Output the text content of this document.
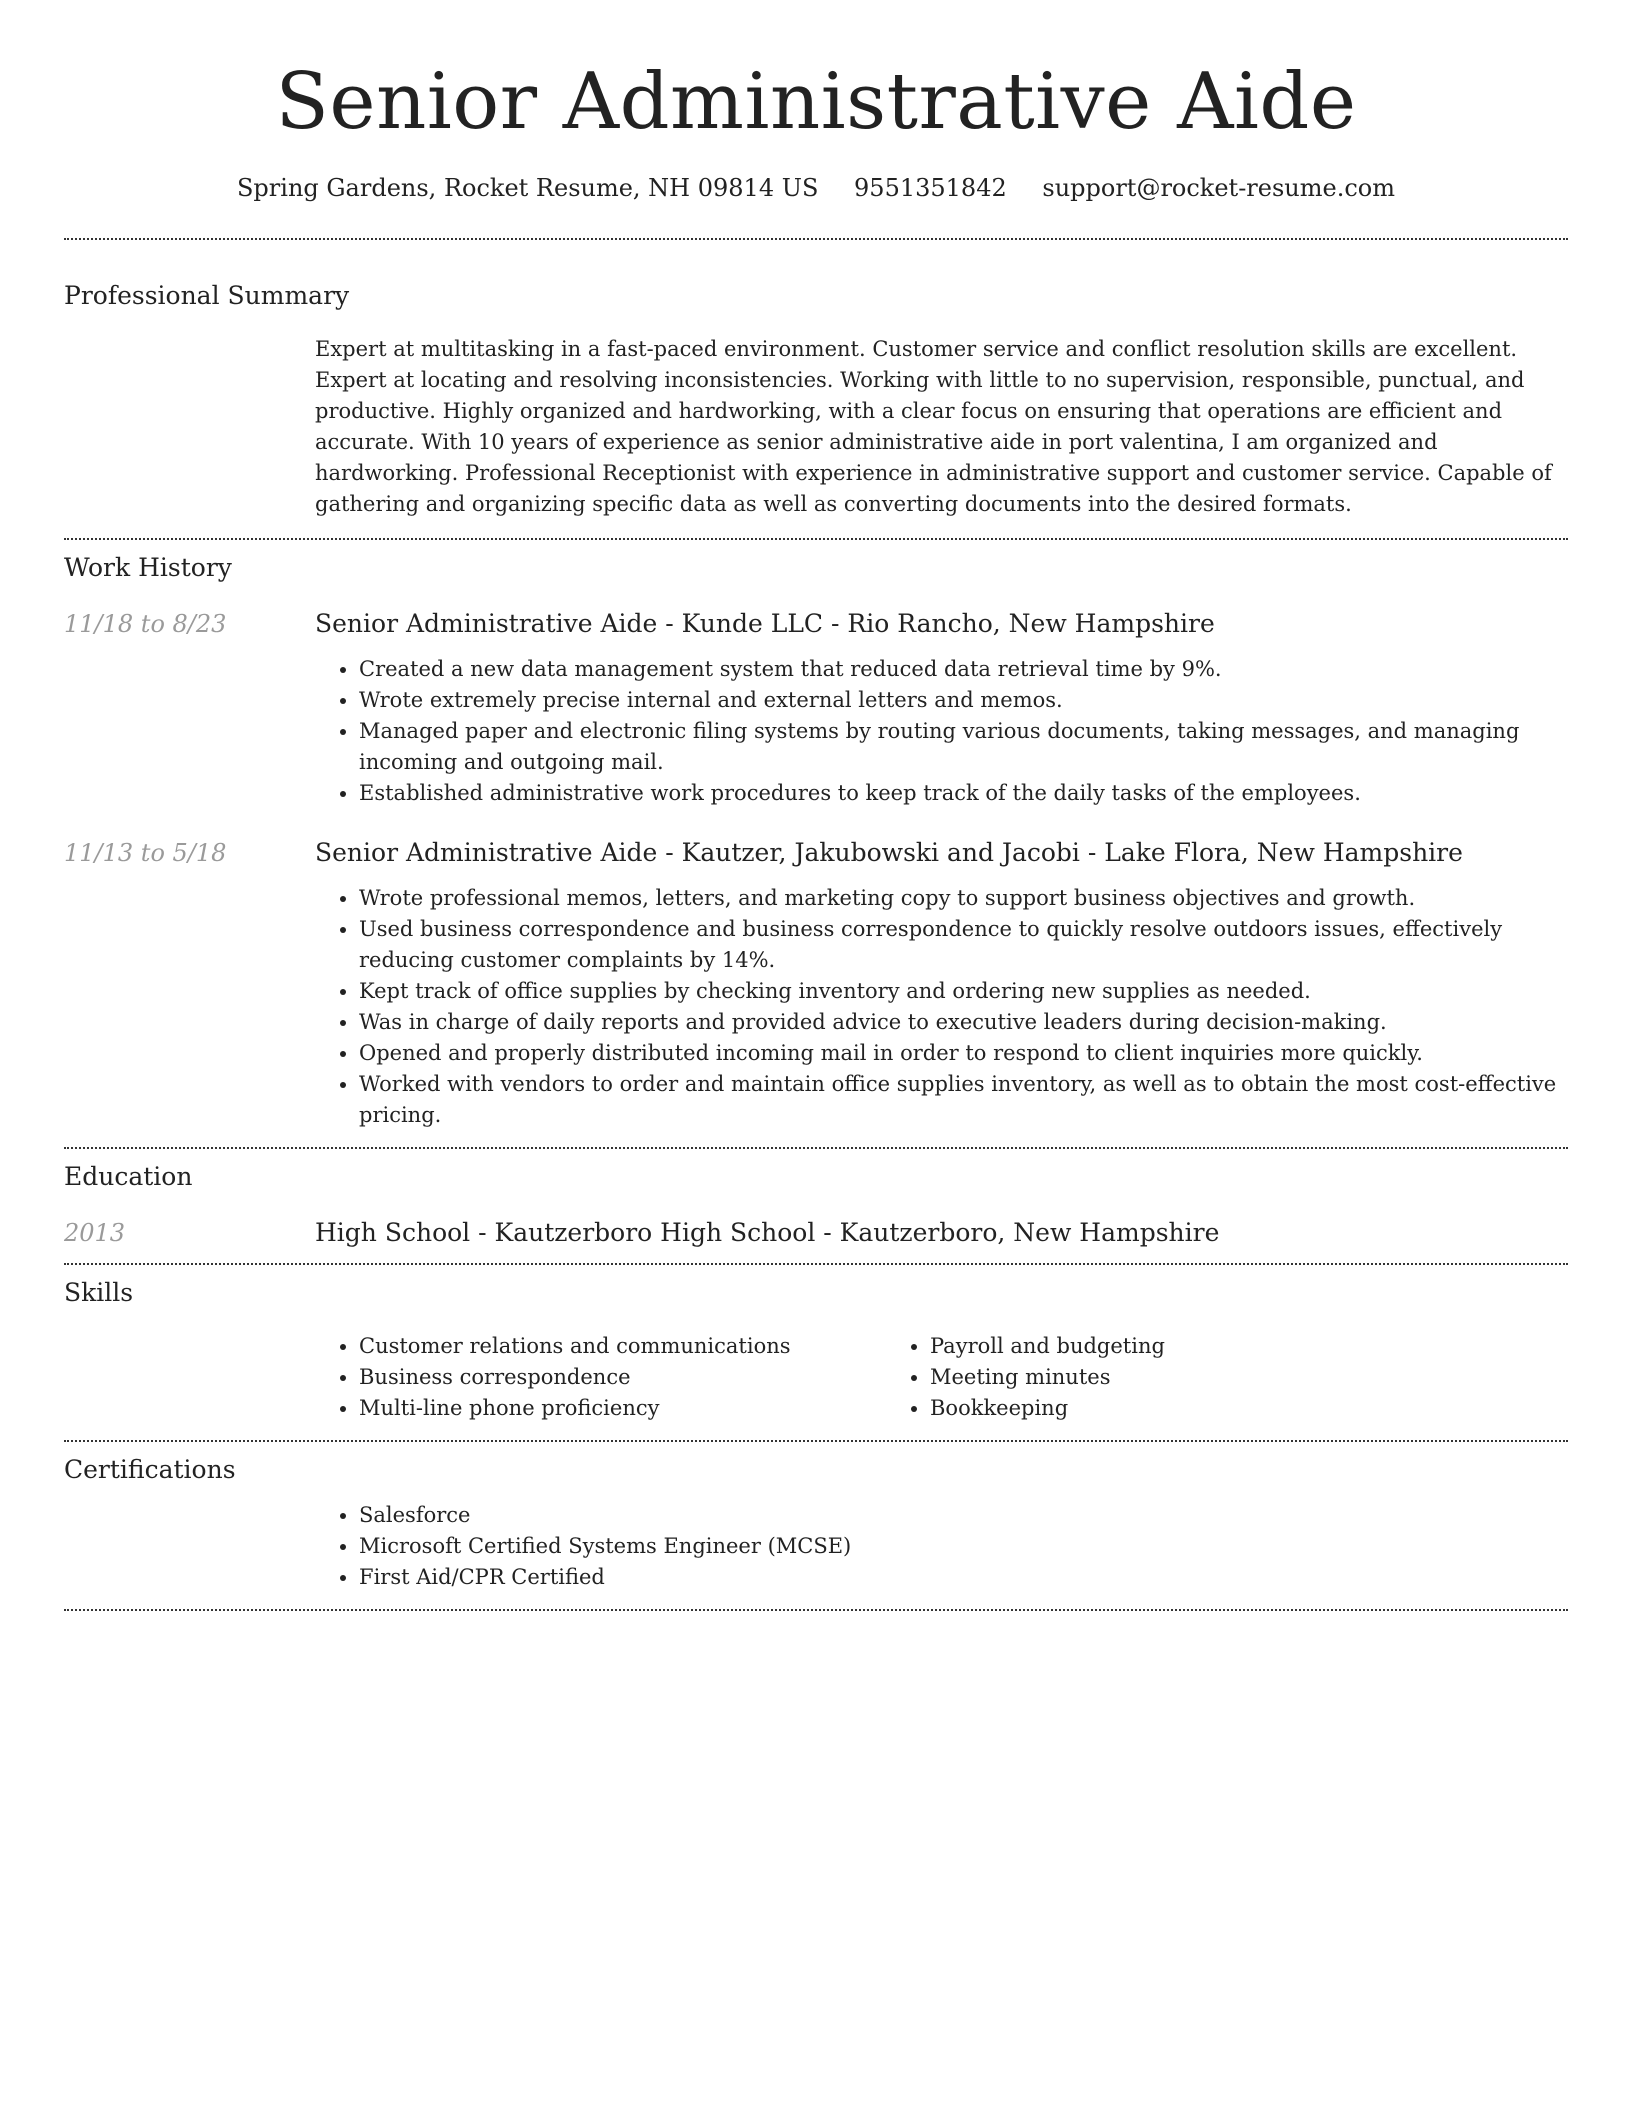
Senior Administrative Aide
Spring Gardens, Rocket Resume, NH 09814 US 9551351842 support@rocket-resume.com
Professional Summary
Expert at multitasking in a fast-paced environment. Customer service and conflict resolution skills are excellent. Expert at locating and resolving inconsistencies. Working with little to no supervision, responsible, punctual, and productive. Highly organized and hardworking, with a clear focus on ensuring that operations are efficient and accurate. With 10 years of experience as senior administrative aide in port valentina, I am organized and hardworking. Professional Receptionist with experience in administrative support and customer service. Capable of gathering and organizing specific data as well as converting documents into the desired formats.
Work History
11/18 to 8/23	Senior Administrative Aide - Kunde LLC - Rio Rancho, New Hampshire
• Created a new data management system that reduced data retrieval time by 9%.
• Wrote extremely precise internal and external letters and memos.
• Managed paper and electronic filing systems by routing various documents, taking messages, and managing incoming and outgoing mail.
• Established administrative work procedures to keep track of the daily tasks of the employees.
11/13 to 5/18	Senior Administrative Aide - Kautzer, Jakubowski and Jacobi - Lake Flora, New Hampshire
• Wrote professional memos, letters, and marketing copy to support business objectives and growth.
• Used business correspondence and business correspondence to quickly resolve outdoors issues, effectively reducing customer complaints by 14%.
• Kept track of office supplies by checking inventory and ordering new supplies as needed.
• Was in charge of daily reports and provided advice to executive leaders during decision-making.
• Opened and properly distributed incoming mail in order to respond to client inquiries more quickly.
• Worked with vendors to order and maintain office supplies inventory, as well as to obtain the most cost-effective pricing.
Education
2013	High School - Kautzerboro High School - Kautzerboro, New Hampshire
Skills
• Customer relations and communications
• Business correspondence
• Multi-line phone proficiency
• Payroll and budgeting
• Meeting minutes
• Bookkeeping
Certifications
• Salesforce
• Microsoft Certified Systems Engineer (MCSE)
• First Aid/CPR Certified
